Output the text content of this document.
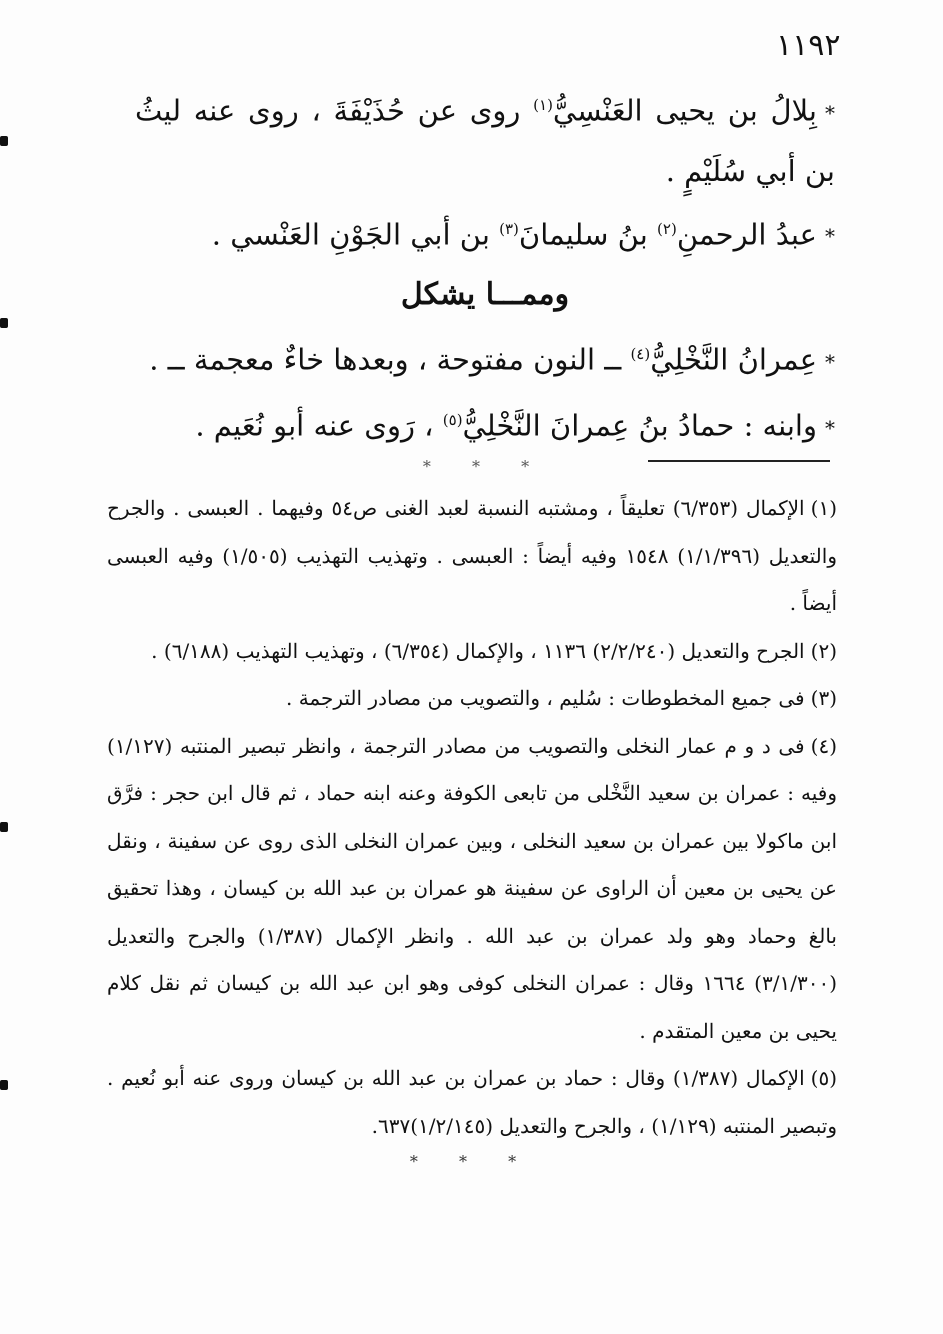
١١٩٢
*بِلالُ بن يحيى العَنْسِيُّ$^{(١)}$ روى عن حُذَيْفَةَ ، روى عنه ليثُ بن أبي سُلَيْمٍ .
*عبدُ الرحمنِ$^{(٢)}$ بنُ سليمانَ$^{(٣)}$ بن أبي الجَوْنِ العَنْسي .
وممـــا يشكل
*عِمرانُ النَّخْلِيُّ$^{(٤)}$ ــ النون مفتوحة ، وبعدها خاءٌ معجمة ــ .
*وابنه : حمادُ بنُ عِمرانَ النَّخْلِيُّ$^{(٥)}$ ، رَوى عنه أبو نُعَيم .
* * *

(١)الإكمال (٦/٣٥٣) تعليقاً ، ومشتبه النسبة لعبد الغنى ص٥٤ وفيهما . العبسى . والجرح والتعديل (١/١/٣٩٦) ١٥٤٨ وفيه أيضاً : العبسى . وتهذيب التهذيب (١/٥٠٥) وفيه العبسى أيضاً .

(٢)الجرح والتعديل (٢/٢/٢٤٠) ١١٣٦ ، والإكمال (٦/٣٥٤) ، وتهذيب التهذيب (٦/١٨٨) .

(٣)فى جميع المخطوطات : سُليم ، والتصويب من مصادر الترجمة .

(٤)فى د و م عمار النخلى والتصويب من مصادر الترجمة ، وانظر تبصير المنتبه (١/١٢٧) وفيه : عمران بن سعيد النَّخْلى من تابعى الكوفة وعنه ابنه حماد ، ثم قال ابن حجر : فرَّق ابن ماكولا بين عمران بن سعيد النخلى ، وبين عمران النخلى الذى روى عن سفينة ، ونقل عن يحيى بن معين أن الراوى عن سفينة هو عمران بن عبد الله بن كيسان ، وهذا تحقيق بالغ وحماد وهو ولد عمران بن عبد الله . وانظر الإكمال (١/٣٨٧) والجرح والتعديل (٣/١/٣٠٠) ١٦٦٤ وقال : عمران النخلى كوفى وهو ابن عبد الله بن كيسان ثم نقل كلام يحيى بن معين المتقدم .

(٥)الإكمال (١/٣٨٧) وقال : حماد بن عمران بن عبد الله بن كيسان وروى عنه أبو نُعيم . وتبصير المنتبه (١/١٢٩) ، والجرح والتعديل (١/٢/١٤٥)٦٣٧.

* * *
